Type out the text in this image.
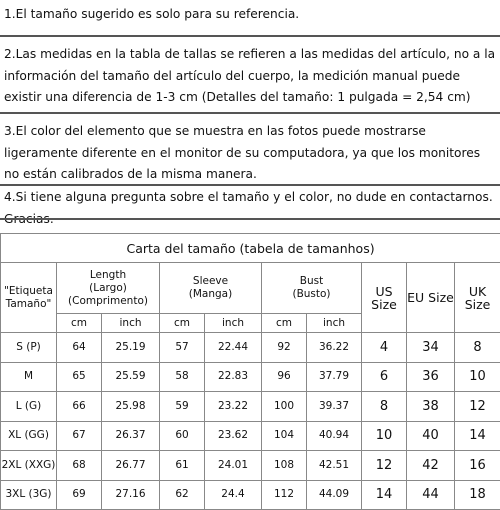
1.El tamaño sugerido es solo para su referencia.
2.Las medidas en la tabla de tallas se refieren a las medidas del artículo, no a la información del tamaño del artículo del cuerpo, la medición manual puede existir una diferencia de 1-3 cm (Detalles del tamaño: 1 pulgada = 2,54 cm)
3.El color del elemento que se muestra en las fotos puede mostrarse ligeramente diferente en el monitor de su computadora, ya que los monitores no están calibrados de la misma manera.
4.Si tiene alguna pregunta sobre el tamaño y el color, no dude en contactarnos. Gracias.
Carta del tamaño (tabela de tamanhos)									

"Etiqueta
Tamaño"	Length
(Largo)
(Comprimento)		Sleeve
(Manga)		Bust
(Busto)		US Size	EU Size	UK Size
	cm	inch	cm	inch	cm	inch			
S (P)	64	25.19	57	22.44	92	36.22	4	34	8
M	65	25.59	58	22.83	96	37.79	6	36	10
L (G)	66	25.98	59	23.22	100	39.37	8	38	12
XL (GG)	67	26.37	60	23.62	104	40.94	10	40	14
2XL (XXG)	68	26.77	61	24.01	108	42.51	12	42	16
3XL (3G)	69	27.16	62	24.4	112	44.09	14	44	18
